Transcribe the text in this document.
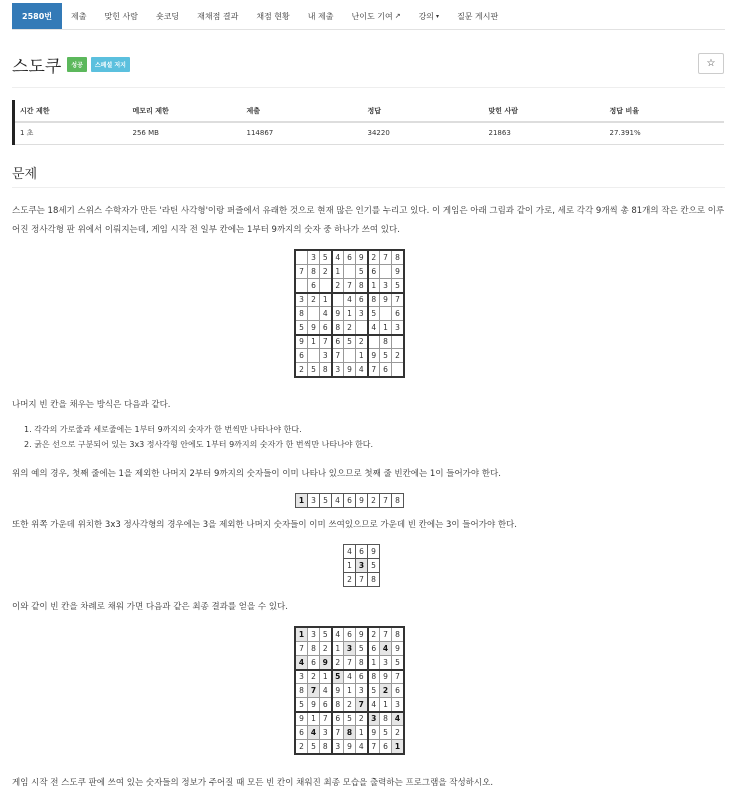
2580번 제출 맞힌 사람 숏코딩 재채점 결과 채점 현황 내 제출 난이도 기여 ↗ 강의 ▾ 질문 게시판
스도쿠	성공	스페셜 저지	☆
시간 제한	메모리 제한	제출	정답	맞힌 사람	정답 비율
1 초	256 MB	114867	34220	21863	27.391%
문제
스도쿠는 18세기 스위스 수학자가 만든 '라틴 사각형'이랑 퍼즐에서 유래한 것으로 현재 많은 인기를 누리고 있다. 이 게임은 아래 그림과 같이 가로, 세로 각각 9개씩 총 81개의 작은 칸으로 이루어진 정사각형 판 위에서 이뤄지는데, 게임 시작 전 일부 칸에는 1부터 9까지의 숫자 중 하나가 쓰여 있다.
	3	5	4	6	9	2	7	8
7	8	2	1		5	6		9
	6		2	7	8	1	3	5
3	2	1		4	6	8	9	7
8		4	9	1	3	5		6
5	9	6	8	2		4	1	3
9	1	7	6	5	2		8	
6		3	7		1	9	5	2
2	5	8	3	9	4	7	6	
나머지 빈 칸을 채우는 방식은 다음과 같다.
1. 각각의 가로줄과 세로줄에는 1부터 9까지의 숫자가 한 번씩만 나타나야 한다.
2. 굵은 선으로 구분되어 있는 3x3 정사각형 안에도 1부터 9까지의 숫자가 한 번씩만 나타나야 한다.
위의 예의 경우, 첫째 줄에는 1을 제외한 나머지 2부터 9까지의 숫자들이 이미 나타나 있으므로 첫째 줄 빈칸에는 1이 들어가야 한다.
1	3	5	4	6	9	2	7	8
또한 위쪽 가운데 위치한 3x3 정사각형의 경우에는 3을 제외한 나머지 숫자들이 이미 쓰여있으므로 가운데 빈 칸에는 3이 들어가야 한다.
4	6	9
1	3	5
2	7	8
이와 같이 빈 칸을 차례로 채워 가면 다음과 같은 최종 결과를 얻을 수 있다.
1	3	5	4	6	9	2	7	8
7	8	2	1	3	5	6	4	9
4	6	9	2	7	8	1	3	5
3	2	1	5	4	6	8	9	7
8	7	4	9	1	3	5	2	6
5	9	6	8	2	7	4	1	3
9	1	7	6	5	2	3	8	4
6	4	3	7	8	1	9	5	2
2	5	8	3	9	4	7	6	1
게임 시작 전 스도쿠 판에 쓰여 있는 숫자들의 정보가 주어질 때 모든 빈 칸이 채워진 최종 모습을 출력하는 프로그램을 작성하시오.
